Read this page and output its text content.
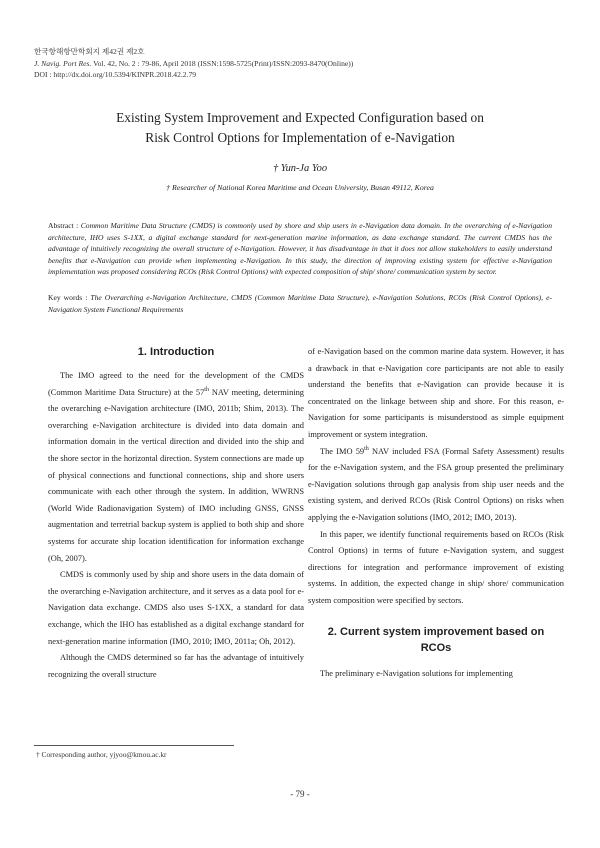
한국항해항만학회지 제42권 제2호
J. Navig. Port Res. Vol. 42, No. 2 : 79-86, April 2018 (ISSN:1598-5725(Print)/ISSN:2093-8470(Online))
DOI : http://dx.doi.org/10.5394/KINPR.2018.42.2.79
Existing System Improvement and Expected Configuration based on
Risk Control Options for Implementation of e-Navigation
† Yun-Ja Yoo
† Researcher of National Korea Maritime and Ocean University, Busan 49112, Korea
Abstract : Common Maritime Data Structure (CMDS) is commonly used by shore and ship users in e-Navigation data domain. In the overarching of e-Navigation architecture, IHO uses S-1XX, a digital exchange standard for next-generation marine information, as data exchange standard. The current CMDS has the advantage of intuitively recognizing the overall structure of e-Navigation. However, it has disadvantage in that it does not allow stakeholders to easily understand benefits that e-Navigation can provide when implementing e-Navigation. In this study, the direction of improving existing system for effective e-Navigation implementation was proposed considering RCOs (Risk Control Options) with expected composition of ship/ shore/ communication system by sector.
Key words : The Overarching e-Navigation Architecture, CMDS (Common Maritime Data Structure), e-Navigation Solutions, RCOs (Risk Control Options), e-Navigation System Functional Requirements
1. Introduction

The IMO agreed to the need for the development of the CMDS (Common Maritime Data Structure) at the 57th NAV meeting, determining the overarching e-Navigation architecture (IMO, 2011b; Shim, 2013). The overarching e-Navigation architecture is divided into data domain and information domain in the vertical direction and divided into the ship and the shore sector in the horizontal direction. System connections are made up of physical connections and functional connections, ship and shore users communicate with each other through the system. In addition, WWRNS (World Wide Radionavigation System) of IMO including GNSS, GNSS augmentation and terretrial backup system is applied to both ship and shore systems for accurate ship location identification for information exchange (Oh, 2007).

CMDS is commonly used by ship and shore users in the data domain of the overarching e-Navigation architecture, and it serves as a data pool for e-Navigation data exchange. CMDS also uses S-1XX, a standard for data exchange, which the IHO has established as a digital exchange standard for next-generation marine information (IMO, 2010; IMO, 2011a; Oh, 2012).

Although the CMDS determined so far has the advantage of intuitively recognizing the overall structure

of e-Navigation based on the common marine data system. However, it has a drawback in that e-Navigation core participants are not able to easily understand the benefits that e-Navigation can provide because it is concentrated on the linkage between ship and shore. For this reason, e-Navigation for some participants is misunderstood as simple equipment improvement or system integration.

The IMO 59th NAV included FSA (Formal Safety Assessment) results for the e-Navigation system, and the FSA group presented the preliminary e-Navigation solutions through gap analysis from ship user needs and the existing system, and derived RCOs (Risk Control Options) on risks when applying the e-Navigation solutions (IMO, 2012; IMO, 2013).

In this paper, we identify functional requirements based on RCOs (Risk Control Options) in terms of future e-Navigation system, and suggest directions for integration and performance improvement of existing systems. In addition, the expected change in ship/ shore/ communication system composition were specified by sectors.

2. Current system improvement based on
RCOs

The preliminary e-Navigation solutions for implementing

† Corresponding author, yjyoo@kmou.ac.kr
- 79 -
